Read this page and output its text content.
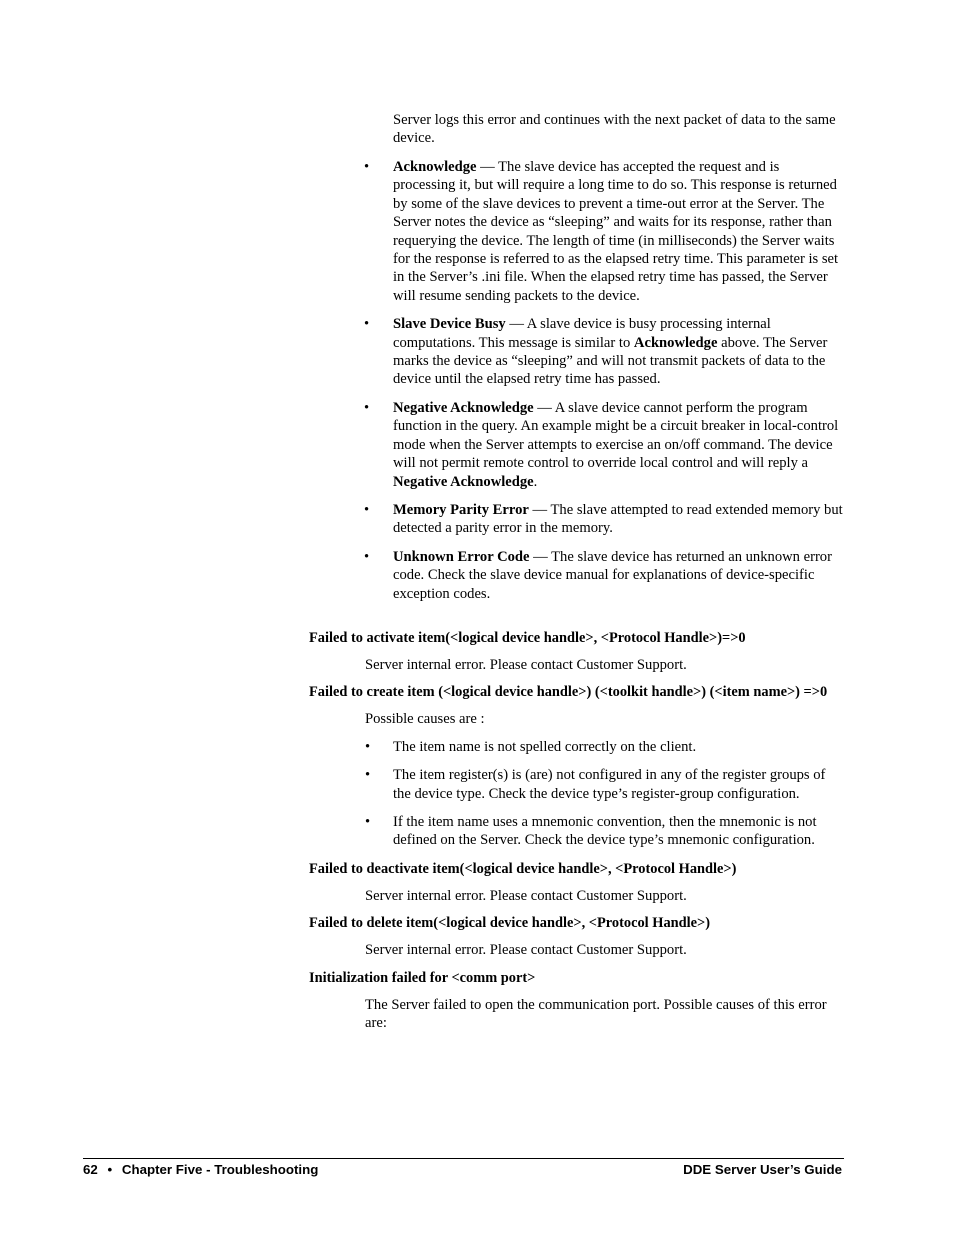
Server logs this error and continues with the next packet of data to the same device.

• Acknowledge — The slave device has accepted the request and is processing it, but will require a long time to do so. This response is returned by some of the slave devices to prevent a time-out error at the Server. The Server notes the device as “sleeping” and waits for its response, rather than requerying the device. The length of time (in milliseconds) the Server waits for the response is referred to as the elapsed retry time. This parameter is set in the Server’s .ini file. When the elapsed retry time has passed, the Server will resume sending packets to the device.
• Slave Device Busy — A slave device is busy processing internal computations. This message is similar to Acknowledge above. The Server marks the device as “sleeping” and will not transmit packets of data to the device until the elapsed retry time has passed.
• Negative Acknowledge — A slave device cannot perform the program function in the query. An example might be a circuit breaker in local-control mode when the Server attempts to exercise an on/off command. The device will not permit remote control to override local control and will reply a Negative Acknowledge.
• Memory Parity Error — The slave attempted to read extended memory but detected a parity error in the memory.
• Unknown Error Code — The slave device has returned an unknown error code. Check the slave device manual for explanations of device-specific exception codes.
Failed to activate item(<logical device handle>, <Protocol Handle>)=>0
Server internal error. Please contact Customer Support.
Failed to create item (<logical device handle>) (<toolkit handle>) (<item name>) =>0
Possible causes are :
• The item name is not spelled correctly on the client.
• The item register(s) is (are) not configured in any of the register groups of the device type. Check the device type’s register-group configuration.
• If the item name uses a mnemonic convention, then the mnemonic is not defined on the Server. Check the device type’s mnemonic configuration.
Failed to deactivate item(<logical device handle>, <Protocol Handle>)
Server internal error. Please contact Customer Support.
Failed to delete item(<logical device handle>, <Protocol Handle>)
Server internal error. Please contact Customer Support.
Initialization failed for <comm port>
The Server failed to open the communication port. Possible causes of this error are:
62 • Chapter Five - Troubleshooting	DDE Server User’s Guide
